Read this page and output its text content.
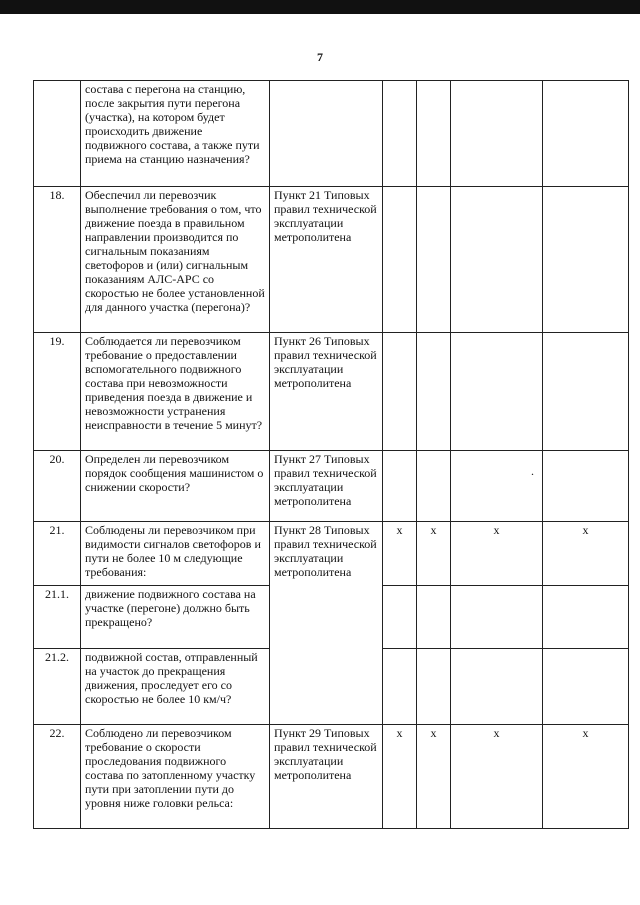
7
	состава с перегона на станцию, после закрытия пути перегона (участка), на котором будет происходить движение подвижного состава, а также пути приема на станцию назначения?					
18.	Обеспечил ли перевозчик выполнение требования о том, что движение поезда в правильном направлении производится по сигнальным показаниям светофоров и (или) сигнальным показаниям АЛС-АРС со скоростью не более установленной для данного участка (перегона)?	Пункт 21 Типовых правил технической эксплуатации метрополитена				
19.	Соблюдается ли перевозчиком требование о предоставлении вспомогательного подвижного состава при невозможности приведения поезда в движение и невозможности устранения неисправности в течение 5 минут?	Пункт 26 Типовых правил технической эксплуатации метрополитена				
20.	Определен ли перевозчиком порядок сообщения машинистом о снижении скорости?	Пункт 27 Типовых правил технической эксплуатации метрополитена			.	
21.	Соблюдены ли перевозчиком при видимости сигналов светофоров и пути не более 10 м следующие требования:	Пункт 28 Типовых правил технической эксплуатации метрополитена	x	x	x	x
21.1.	движение подвижного состава на участке (перегоне) должно быть прекращено?					
21.2.	подвижной состав, отправленный на участок до прекращения движения, проследует его со скоростью не более 10 км/ч?					
22.	Соблюдено ли перевозчиком требование о скорости проследования подвижного состава по затопленному участку пути при затоплении пути до уровня ниже головки рельса:	Пункт 29 Типовых правил технической эксплуатации метрополитена	x	x	x	x
